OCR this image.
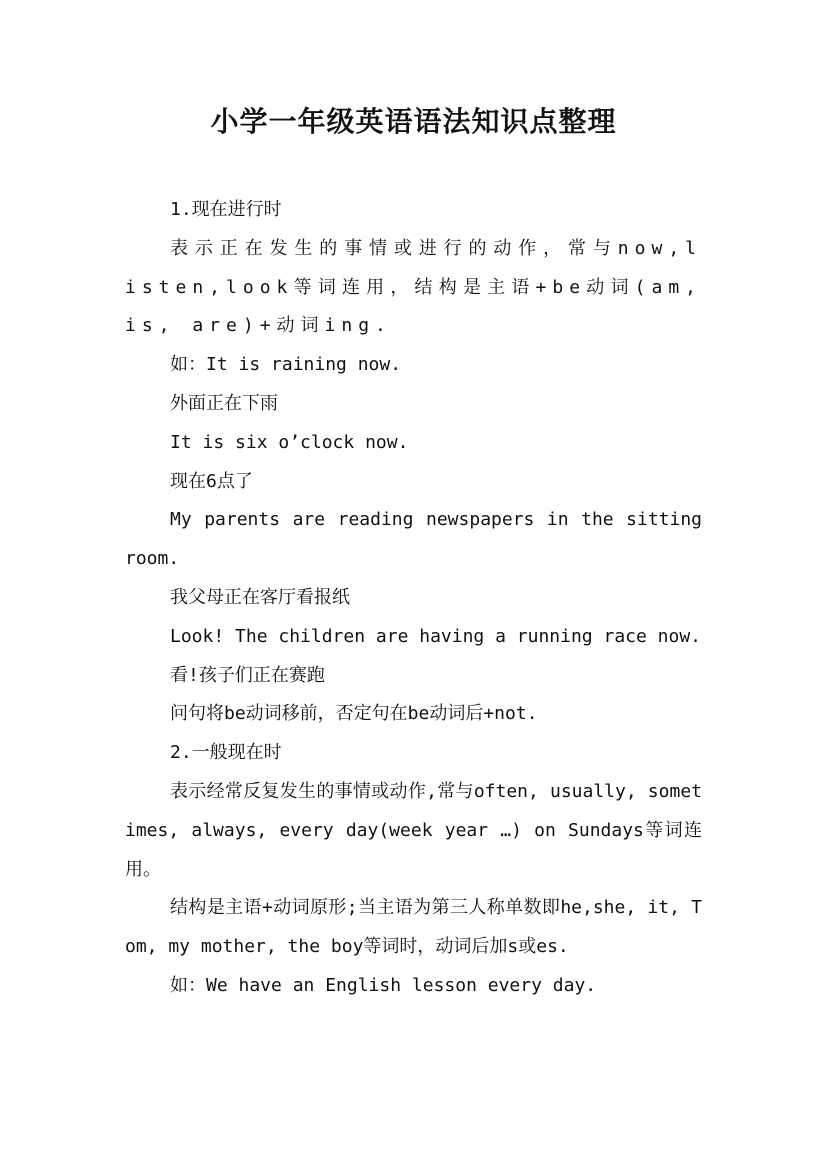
小学一年级英语语法知识点整理

1.现在进行时

表示正在发生的事情或进行的动作，常与now,listen,look等词连用，结构是主语+be动词(am, is, are)+动词ing.

如：It is raining now.

外面正在下雨

It is six o’clock now.

现在6点了

My parents are reading newspapers in the sitting room.

我父母正在客厅看报纸

Look! The children are having a running race now.

看!孩子们正在赛跑

问句将be动词移前，否定句在be动词后+not.

2.一般现在时

表示经常反复发生的事情或动作,常与often, usually, sometimes, always, every day(week year …) on Sundays等词连用。

结构是主语+动词原形;当主语为第三人称单数即he,she, it, Tom, my mother, the boy等词时，动词后加s或es.

如：We have an English lesson every day.
